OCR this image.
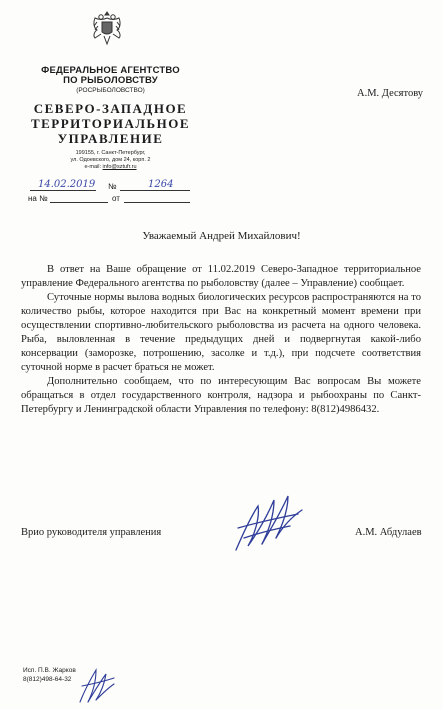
ФЕДЕРАЛЬНОЕ АГЕНТСТВО
ПО РЫБОЛОВСТВУ
(РОСРЫБОЛОВСТВО)
СЕВЕРО-ЗАПАДНОЕ
ТЕРРИТОРИАЛЬНОЕ
УПРАВЛЕНИЕ
199155, г. Санкт-Петербург,
ул. Одоевского, дом 24, корп. 2
e-mail: info@sztufr.ru
14.02.2019 №	1264
на №	от
А.М. Десятову
Уважаемый Андрей Михайлович!

В ответ на Ваше обращение от 11.02.2019 Северо-Западное территориальное управление Федерального агентства по рыболовству (далее – Управление) сообщает.

Суточные нормы вылова водных биологических ресурсов распространяются на то количество рыбы, которое находится при Вас на конкретный момент времени при осуществлении спортивно-любительского рыболовства из расчета на одного человека. Рыба, выловленная в течение предыдущих дней и подвергнутая какой-либо консервации (заморозке, потрошению, засолке и т.д.), при подсчете соответствия суточной норме в расчет браться не может.

Дополнительно сообщаем, что по интересующим Вас вопросам Вы можете обращаться в отдел государственного контроля, надзора и рыбоохраны по Санкт-Петербургу и Ленинградской области Управления по телефону: 8(812)4986432.

Врио руководителя управления	А.М. Абдулаев
Исп. П.В. Жарков
8(812)498-64-32
